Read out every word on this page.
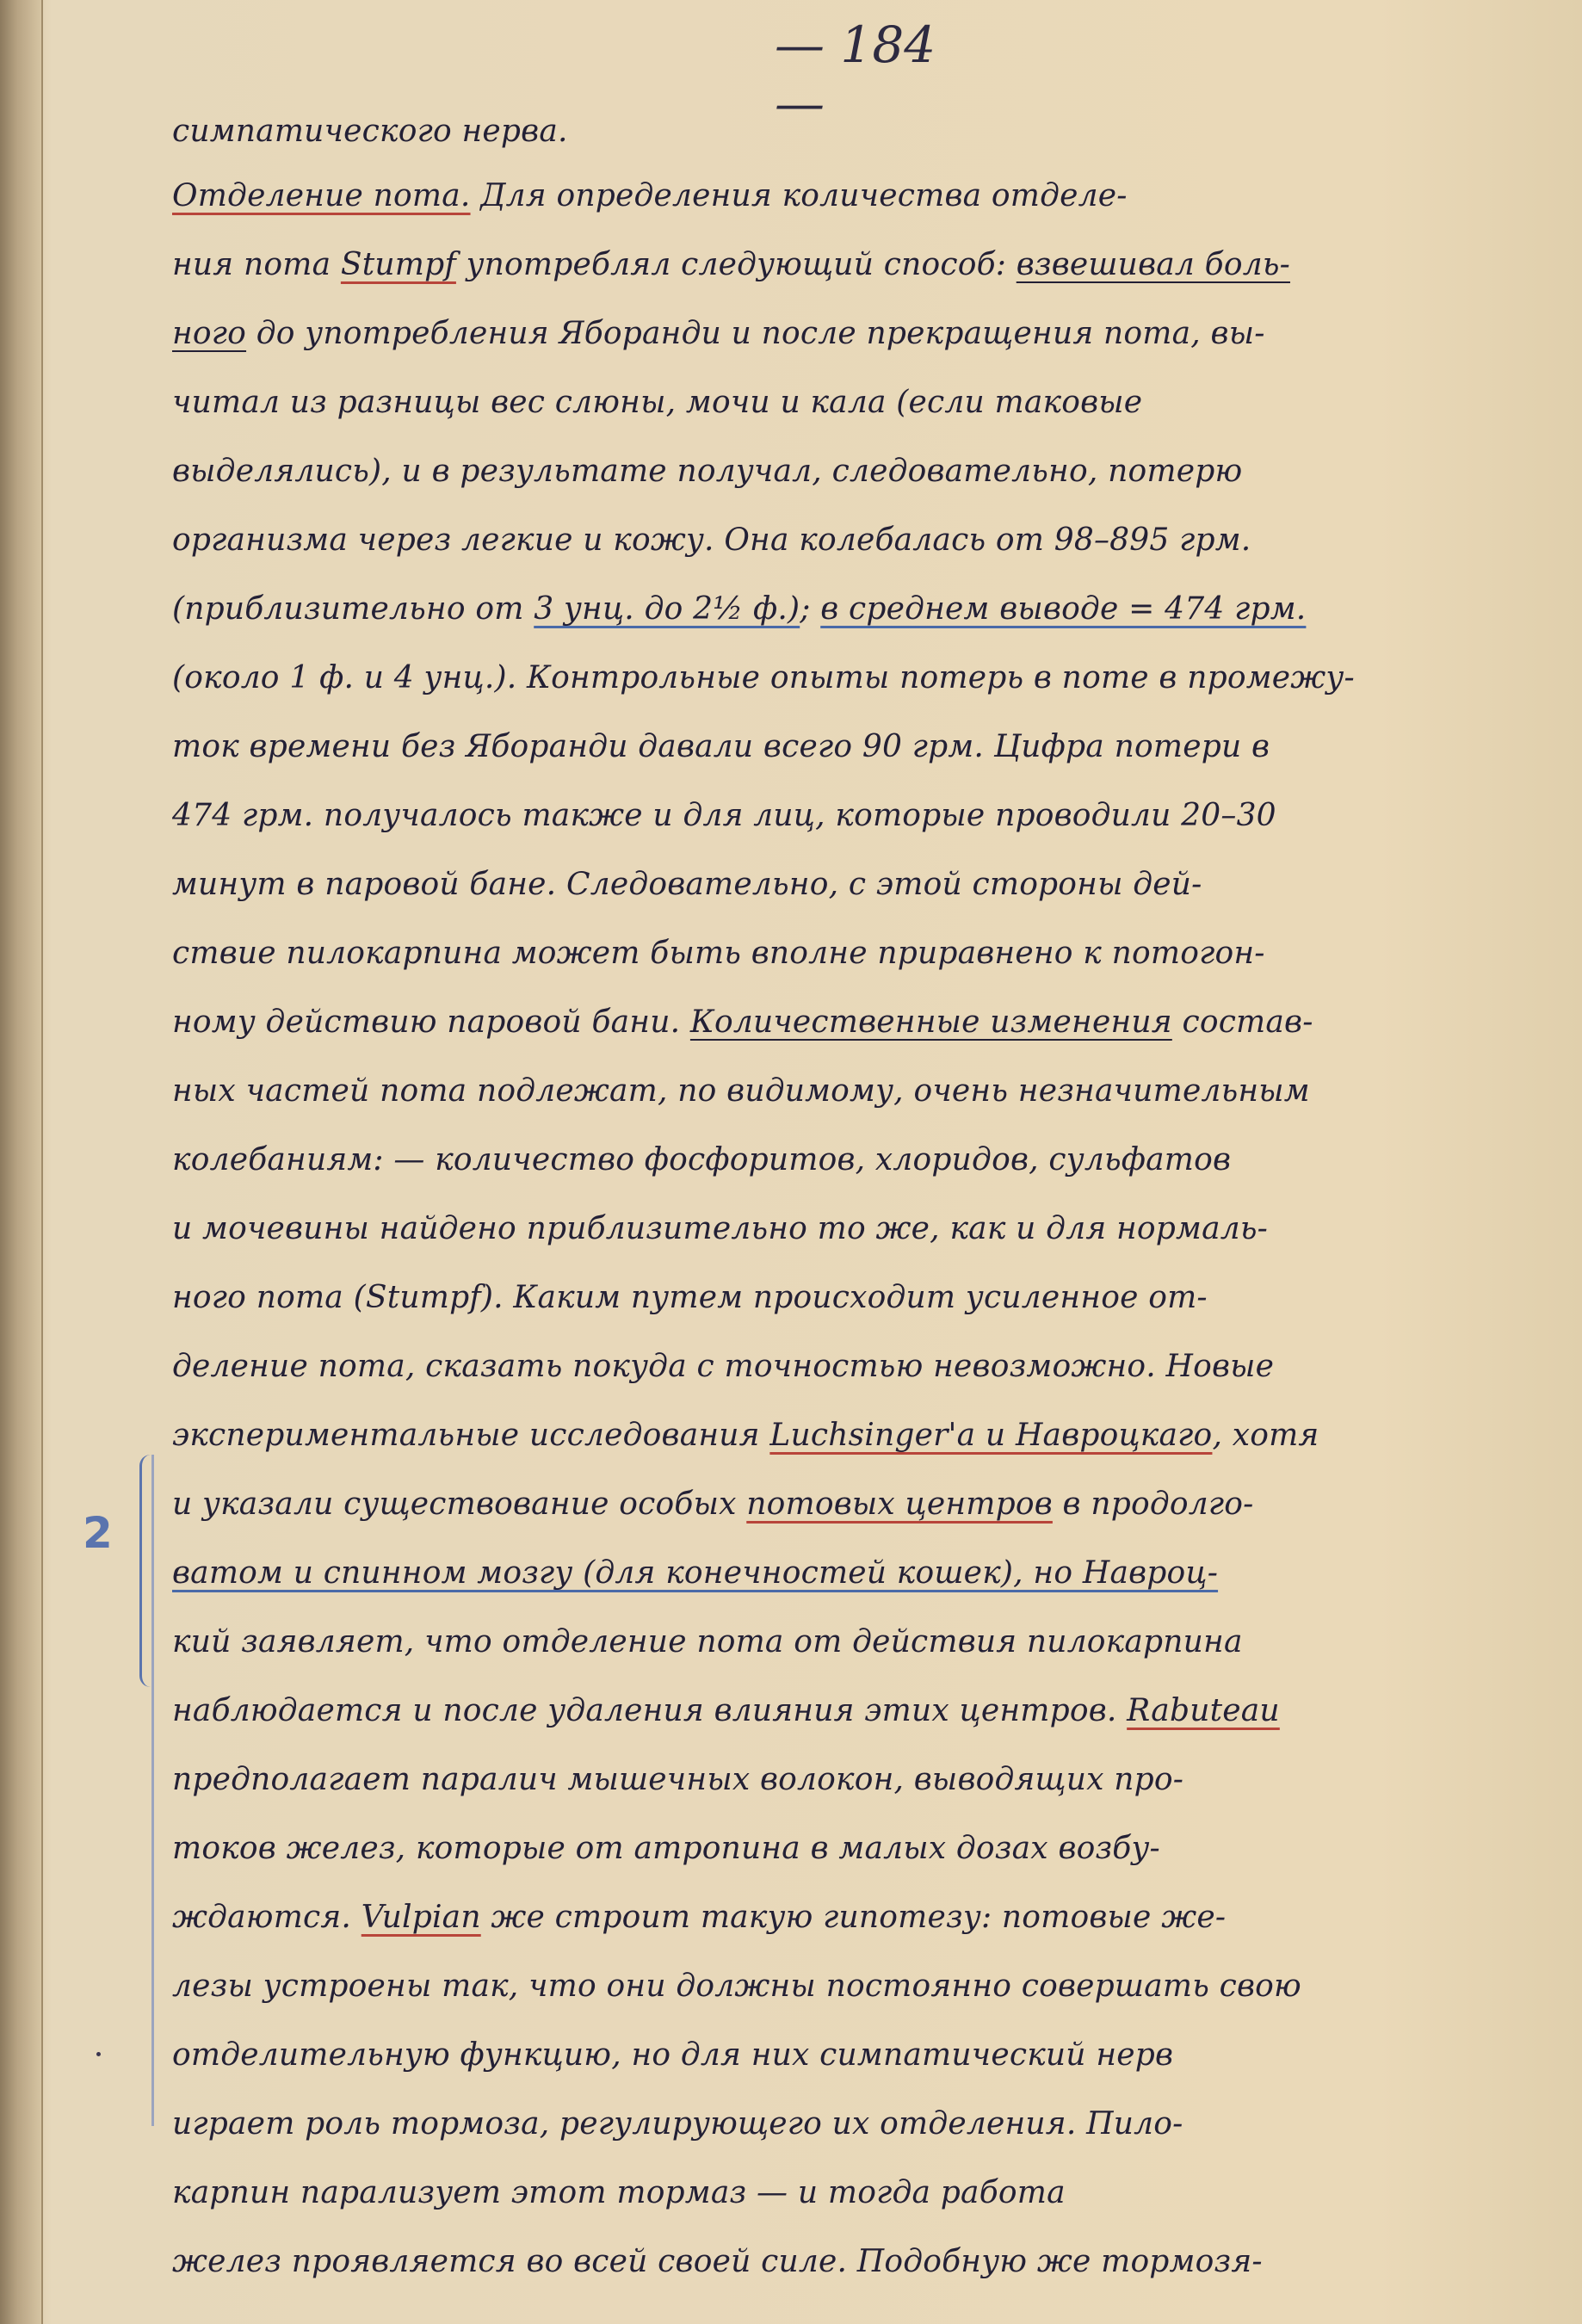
— 184 —
2
симпатического нерва.
Отделение пота. Для определения количества отделе-
ния пота Stumpf употреблял следующий способ: взвешивал боль-
ного до употребления Яборанди и после прекращения пота, вы-
читал из разницы вес слюны, мочи и кала (если таковые
выделялись), и в результате получал, следовательно, потерю
организма через легкие и кожу. Она колебалась от 98–895 грм.
(приблизительно от 3 унц. до 2½ ф.); в среднем выводе = 474 грм.
(около 1 ф. и 4 унц.). Контрольные опыты потерь в поте в промежу-
ток времени без Яборанди давали всего 90 грм. Цифра потери в
474 грм. получалось также и для лиц, которые проводили 20–30
минут в паровой бане. Следовательно, с этой стороны дей-
ствие пилокарпина может быть вполне приравнено к потогон-
ному действию паровой бани. Количественные изменения состав-
ных частей пота подлежат, по видимому, очень незначительным
колебаниям: — количество фосфоритов, хлоридов, сульфатов
и мочевины найдено приблизительно то же, как и для нормаль-
ного пота (Stumpf). Каким путем происходит усиленное от-
деление пота, сказать покуда с точностью невозможно. Новые
экспериментальные исследования Luchsinger'а и Навроцкаго, хотя
и указали существование особых потовых центров в продолго-
ватом и спинном мозгу (для конечностей кошек), но Навроц-
кий заявляет, что отделение пота от действия пилокарпина
наблюдается и после удаления влияния этих центров. Rabuteau
предполагает паралич мышечных волокон, выводящих про-
токов желез, которые от атропина в малых дозах возбу-
ждаются. Vulpian же строит такую гипотезу: потовые же-
лезы устроены так, что они должны постоянно совершать свою
отделительную функцию, но для них симпатический нерв
играет роль тормоза, регулирующего их отделения. Пило-
карпин парализует этот тормаз — и тогда работа
желез проявляется во всей своей силе. Подобную же тормозя-
